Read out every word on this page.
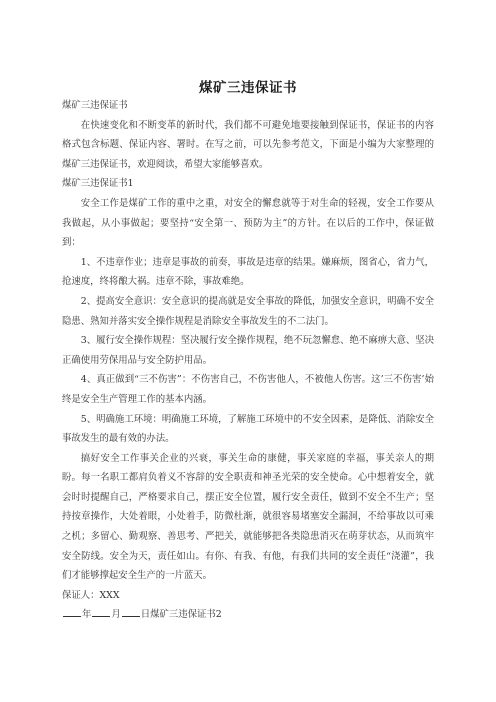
煤矿三违保证书

煤矿三违保证书

在快速变化和不断变革的新时代，我们都不可避免地要接触到保证书，保证书的内容格式包含标题、保证内容、署时。在写之前，可以先参考范文，下面是小编为大家整理的煤矿三违保证书，欢迎阅读，希望大家能够喜欢。

煤矿三违保证书1

安全工作是煤矿工作的重中之重，对安全的懈怠就等于对生命的轻视，安全工作要从我做起，从小事做起；要坚持“安全第一、预防为主”的方针。在以后的工作中，保证做到：

1、不违章作业；违章是事故的前奏，事故是违章的结果。嫌麻烦，图省心，省力气，抢速度，终将酿大祸。违章不除，事故难绝。

2、提高安全意识：安全意识的提高就是安全事故的降低，加强安全意识，明确不安全隐患、熟知并落实安全操作规程是消除安全事故发生的不二法门。

3、履行安全操作规程：坚决履行安全操作规程，绝不玩忽懈怠、绝不麻痹大意、坚决正确使用劳保用品与安全防护用品。

4、真正做到“三不伤害”：不伤害自己，不伤害他人，不被他人伤害。这’三不伤害’始终是安全生产管理工作的基本内涵。

5、明确施工环境：明确施工环境，了解施工环境中的不安全因素，是降低、消除安全事故发生的最有效的办法。

搞好安全工作事关企业的兴衰，事关生命的康健，事关家庭的幸福，事关亲人的期盼。每一名职工都肩负着义不容辞的安全职责和神圣光荣的安全使命。心中想着安全，就会时时提醒自己，严格要求自己，摆正安全位置，履行安全责任，做到不安全不生产；坚持按章操作，大处着眼，小处着手，防微杜渐，就很容易堵塞安全漏洞，不给事故以可乘之机；多留心、勤观察、善思考、严把关，就能够把各类隐患消灭在萌芽状态，从而筑牢安全防线。安全为天，责任如山。有你、有我、有他，有我们共同的安全责任“浇灌”，我们才能够撑起安全生产的一片蓝天。

保证人：XXX

年 月 日煤矿三违保证书2
